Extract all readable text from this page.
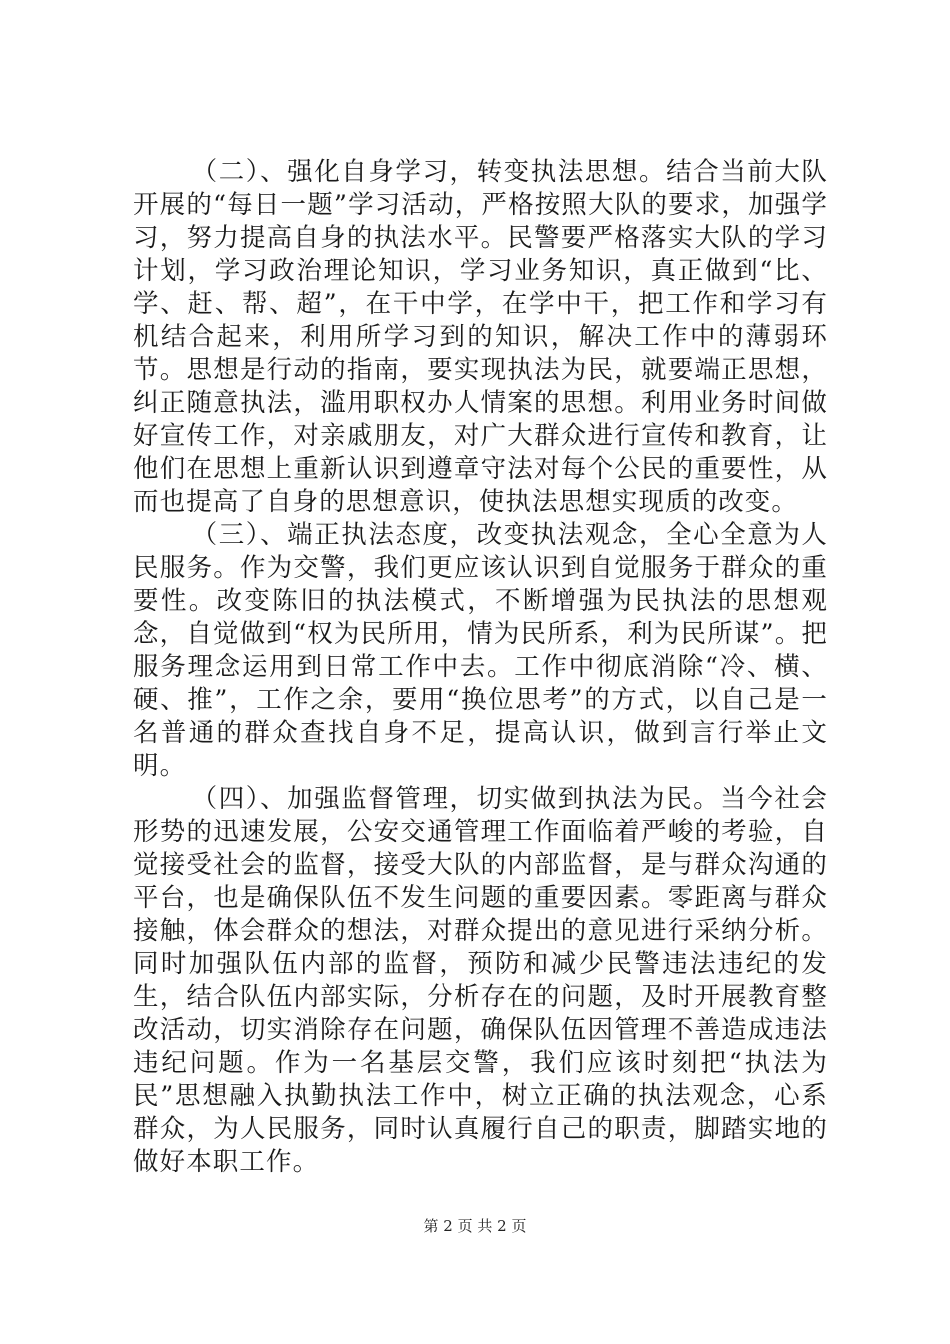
（二）、强化自身学习，转变执法思想。结合当前大队开展的“每日一题”学习活动，严格按照大队的要求，加强学习，努力提高自身的执法水平。民警要严格落实大队的学习计划，学习政治理论知识，学习业务知识，真正做到“比、学、赶、帮、超”，在干中学，在学中干，把工作和学习有机结合起来，利用所学习到的知识，解决工作中的薄弱环节。思想是行动的指南，要实现执法为民，就要端正思想，纠正随意执法，滥用职权办人情案的思想。利用业务时间做好宣传工作，对亲戚朋友，对广大群众进行宣传和教育，让他们在思想上重新认识到遵章守法对每个公民的重要性，从而也提高了自身的思想意识，使执法思想实现质的改变。

（三）、端正执法态度，改变执法观念，全心全意为人民服务。作为交警，我们更应该认识到自觉服务于群众的重要性。改变陈旧的执法模式，不断增强为民执法的思想观念，自觉做到“权为民所用，情为民所系，利为民所谋”。把服务理念运用到日常工作中去。工作中彻底消除“冷、横、硬、推”，工作之余，要用“换位思考”的方式，以自己是一名普通的群众查找自身不足，提高认识，做到言行举止文明。

（四）、加强监督管理，切实做到执法为民。当今社会形势的迅速发展，公安交通管理工作面临着严峻的考验，自觉接受社会的监督，接受大队的内部监督，是与群众沟通的平台，也是确保队伍不发生问题的重要因素。零距离与群众接触，体会群众的想法，对群众提出的意见进行采纳分析。同时加强队伍内部的监督，预防和减少民警违法违纪的发生，结合队伍内部实际，分析存在的问题，及时开展教育整改活动，切实消除存在问题，确保队伍因管理不善造成违法违纪问题。作为一名基层交警，我们应该时刻把“执法为民”思想融入执勤执法工作中，树立正确的执法观念，心系群众，为人民服务，同时认真履行自己的职责，脚踏实地的做好本职工作。

第 2 页 共 2 页
